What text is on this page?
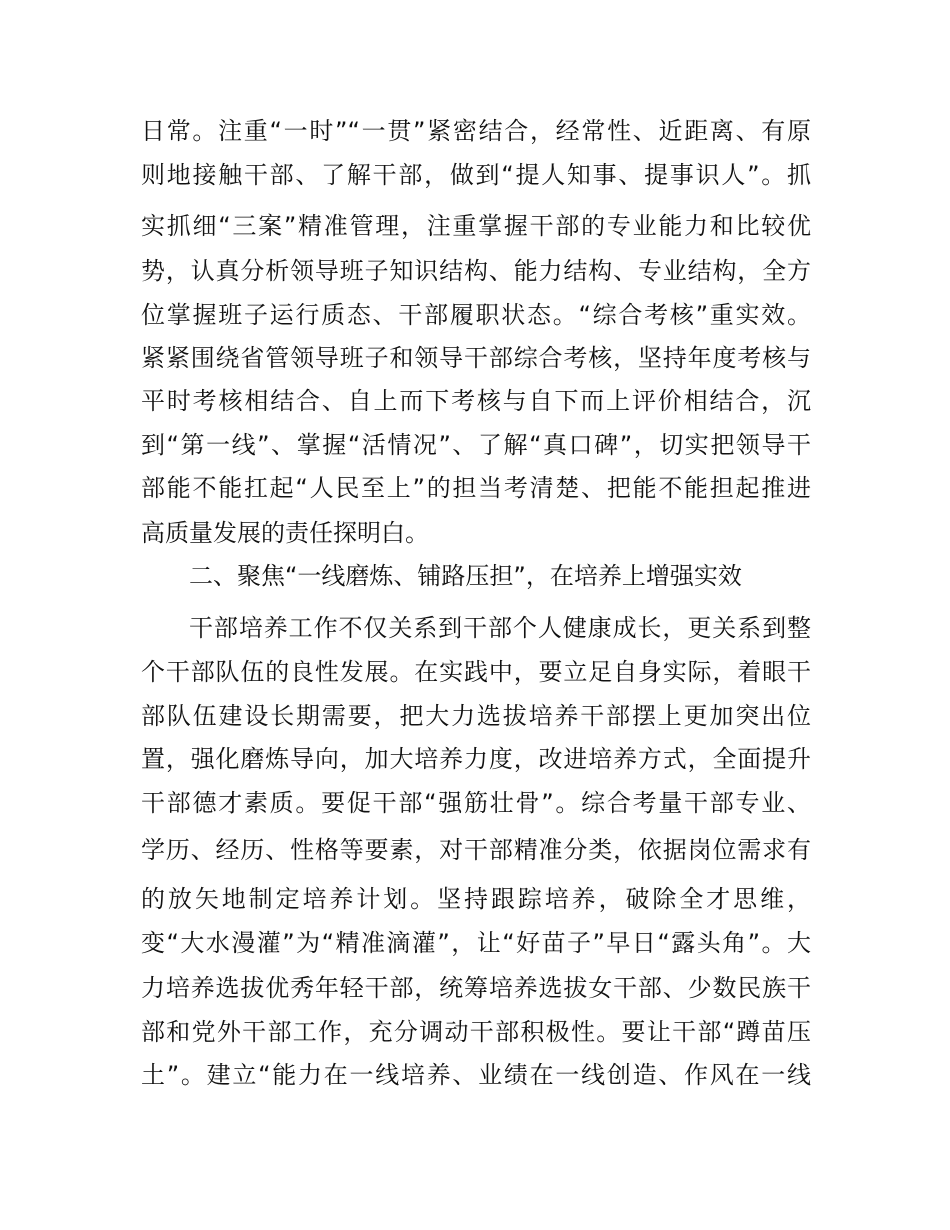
日常。注重“一时”“一贯”紧密结合，经常性、近距离、有原
则地接触干部、了解干部，做到“提人知事、提事识人”。抓
实抓细“三案”精准管理，注重掌握干部的专业能力和比较优
势，认真分析领导班子知识结构、能力结构、专业结构，全方
位掌握班子运行质态、干部履职状态。“综合考核”重实效。
紧紧围绕省管领导班子和领导干部综合考核，坚持年度考核与
平时考核相结合、自上而下考核与自下而上评价相结合，沉
到“第一线”、掌握“活情况”、了解“真口碑”，切实把领导干
部能不能扛起“人民至上”的担当考清楚、把能不能担起推进
高质量发展的责任探明白。
二、聚焦“一线磨炼、铺路压担”，在培养上增强实效
干部培养工作不仅关系到干部个人健康成长，更关系到整
个干部队伍的良性发展。在实践中，要立足自身实际，着眼干
部队伍建设长期需要，把大力选拔培养干部摆上更加突出位
置，强化磨炼导向，加大培养力度，改进培养方式，全面提升
干部德才素质。要促干部“强筋壮骨”。综合考量干部专业、
学历、经历、性格等要素，对干部精准分类，依据岗位需求有
的放矢地制定培养计划。坚持跟踪培养，破除全才思维，
变“大水漫灌”为“精准滴灌”，让“好苗子”早日“露头角”。大
力培养选拔优秀年轻干部，统筹培养选拔女干部、少数民族干
部和党外干部工作，充分调动干部积极性。要让干部“蹲苗压
土”。建立“能力在一线培养、业绩在一线创造、作风在一线
